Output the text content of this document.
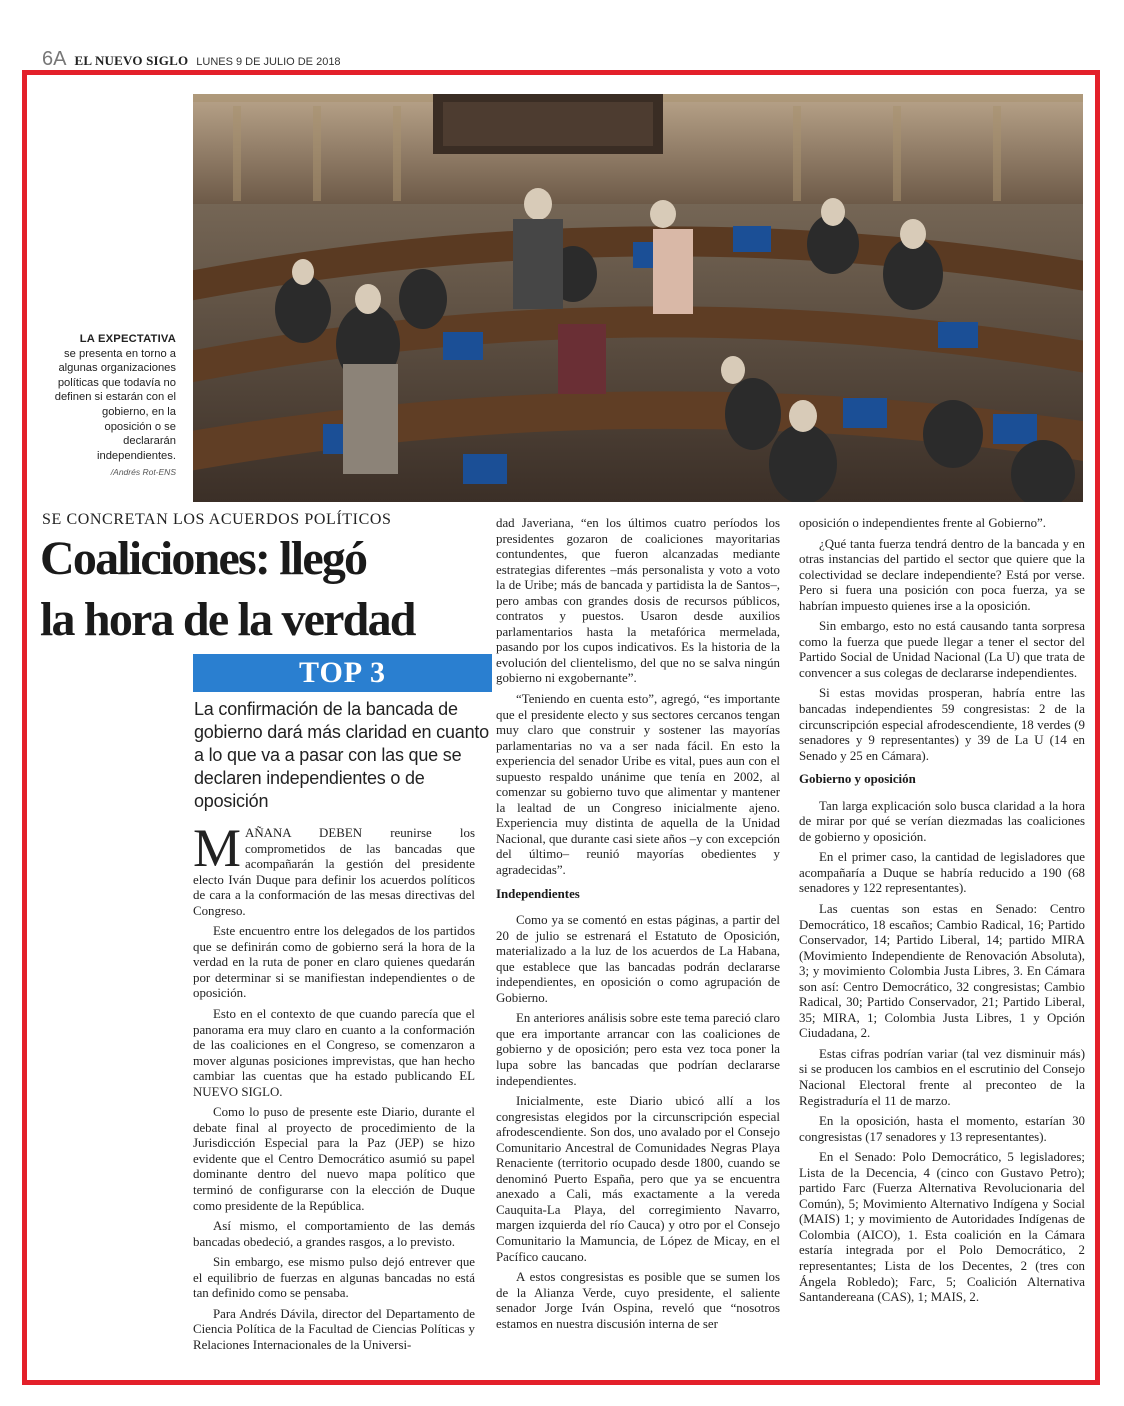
6A EL NUEVO SIGLO LUNES 9 DE JULIO DE 2018
LA EXPECTATIVA
se presenta en torno a algunas organizaciones políticas que todavía no definen si estarán con el gobierno, en la oposición o se declararán independientes.
/Andrés Rot-ENS
SE CONCRETAN LOS ACUERDOS POLÍTICOS
Coaliciones: llegó
la hora de la verdad
TOP 3
La confirmación de la bancada de gobierno dará más claridad en cuanto a lo que va a pasar con las que se declaren independientes o de oposición

M AÑANA DEBEN reunirse los comprometidos de las bancadas que acompañarán la gestión del presidente electo Iván Duque para definir los acuerdos políticos de cara a la conformación de las mesas directivas del Congreso.

Este encuentro entre los delegados de los partidos que se definirán como de gobierno será la hora de la verdad en la ruta de poner en claro quienes quedarán por determinar si se manifiestan independientes o de oposición.

Esto en el contexto de que cuando parecía que el panorama era muy claro en cuanto a la conformación de las coaliciones en el Congreso, se comenzaron a mover algunas posiciones imprevistas, que han hecho cambiar las cuentas que ha estado publicando EL NUEVO SIGLO.

Como lo puso de presente este Diario, durante el debate final al proyecto de procedimiento de la Jurisdicción Especial para la Paz (JEP) se hizo evidente que el Centro Democrático asumió su papel dominante dentro del nuevo mapa político que terminó de configurarse con la elección de Duque como presidente de la República.

Así mismo, el comportamiento de las demás bancadas obedeció, a grandes rasgos, a lo previsto.

Sin embargo, ese mismo pulso dejó entrever que el equilibrio de fuerzas en algunas bancadas no está tan definido como se pensaba.

Para Andrés Dávila, director del Departamento de Ciencia Política de la Facultad de Ciencias Políticas y Relaciones Internacionales de la Universi-

dad Javeriana, “en los últimos cuatro períodos los presidentes gozaron de coaliciones mayoritarias contundentes, que fueron alcanzadas mediante estrategias diferentes –más personalista y voto a voto la de Uribe; más de bancada y partidista la de Santos–, pero ambas con grandes dosis de recursos públicos, contratos y puestos. Usaron desde auxilios parlamentarios hasta la metafórica mermelada, pasando por los cupos indicativos. Es la historia de la evolución del clientelismo, del que no se salva ningún gobierno ni exgobernante”.

“Teniendo en cuenta esto”, agregó, “es importante que el presidente electo y sus sectores cercanos tengan muy claro que construir y sostener las mayorías parlamentarias no va a ser nada fácil. En esto la experiencia del senador Uribe es vital, pues aun con el supuesto respaldo unánime que tenía en 2002, al comenzar su gobierno tuvo que alimentar y mantener la lealtad de un Congreso inicialmente ajeno. Experiencia muy distinta de aquella de la Unidad Nacional, que durante casi siete años –y con excepción del último– reunió mayorías obedientes y agradecidas”.

Independientes

Como ya se comentó en estas páginas, a partir del 20 de julio se estrenará el Estatuto de Oposición, materializado a la luz de los acuerdos de La Habana, que establece que las bancadas podrán declararse independientes, en oposición o como agrupación de Gobierno.

En anteriores análisis sobre este tema pareció claro que era importante arrancar con las coaliciones de gobierno y de oposición; pero esta vez toca poner la lupa sobre las bancadas que podrían declararse independientes.

Inicialmente, este Diario ubicó allí a los congresistas elegidos por la circunscripción especial afrodescendiente. Son dos, uno avalado por el Consejo Comunitario Ancestral de Comunidades Negras Playa Renaciente (territorio ocupado desde 1800, cuando se denominó Puerto España, pero que ya se encuentra anexado a Cali, más exactamente a la vereda Cauquita-La Playa, del corregimiento Navarro, margen izquierda del río Cauca) y otro por el Consejo Comunitario la Mamuncia, de López de Micay, en el Pacífico caucano.

A estos congresistas es posible que se sumen los de la Alianza Verde, cuyo presidente, el saliente senador Jorge Iván Ospina, reveló que “nosotros estamos en nuestra discusión interna de ser

oposición o independientes frente al Gobierno”.

¿Qué tanta fuerza tendrá dentro de la bancada y en otras instancias del partido el sector que quiere que la colectividad se declare independiente? Está por verse. Pero si fuera una posición con poca fuerza, ya se habrían impuesto quienes irse a la oposición.

Sin embargo, esto no está causando tanta sorpresa como la fuerza que puede llegar a tener el sector del Partido Social de Unidad Nacional (La U) que trata de convencer a sus colegas de declararse independientes.

Si estas movidas prosperan, habría entre las bancadas independientes 59 congresistas: 2 de la circunscripción especial afrodescendiente, 18 verdes (9 senadores y 9 representantes) y 39 de La U (14 en Senado y 25 en Cámara).

Gobierno y oposición

Tan larga explicación solo busca claridad a la hora de mirar por qué se verían diezmadas las coaliciones de gobierno y oposición.

En el primer caso, la cantidad de legisladores que acompañaría a Duque se habría reducido a 190 (68 senadores y 122 representantes).

Las cuentas son estas en Senado: Centro Democrático, 18 escaños; Cambio Radical, 16; Partido Conservador, 14; Partido Liberal, 14; partido MIRA (Movimiento Independiente de Renovación Absoluta), 3; y movimiento Colombia Justa Libres, 3. En Cámara son así: Centro Democrático, 32 congresistas; Cambio Radical, 30; Partido Conservador, 21; Partido Liberal, 35; MIRA, 1; Colombia Justa Libres, 1 y Opción Ciudadana, 2.

Estas cifras podrían variar (tal vez disminuir más) si se producen los cambios en el escrutinio del Consejo Nacional Electoral frente al preconteo de la Registraduría el 11 de marzo.

En la oposición, hasta el momento, estarían 30 congresistas (17 senadores y 13 representantes).

En el Senado: Polo Democrático, 5 legisladores; Lista de la Decencia, 4 (cinco con Gustavo Petro); partido Farc (Fuerza Alternativa Revolucionaria del Común), 5; Movimiento Alternativo Indígena y Social (MAIS) 1; y movimiento de Autoridades Indígenas de Colombia (AICO), 1. Esta coalición en la Cámara estaría integrada por el Polo Democrático, 2 representantes; Lista de los Decentes, 2 (tres con Ángela Robledo); Farc, 5; Coalición Alternativa Santandereana (CAS), 1; MAIS, 2.
